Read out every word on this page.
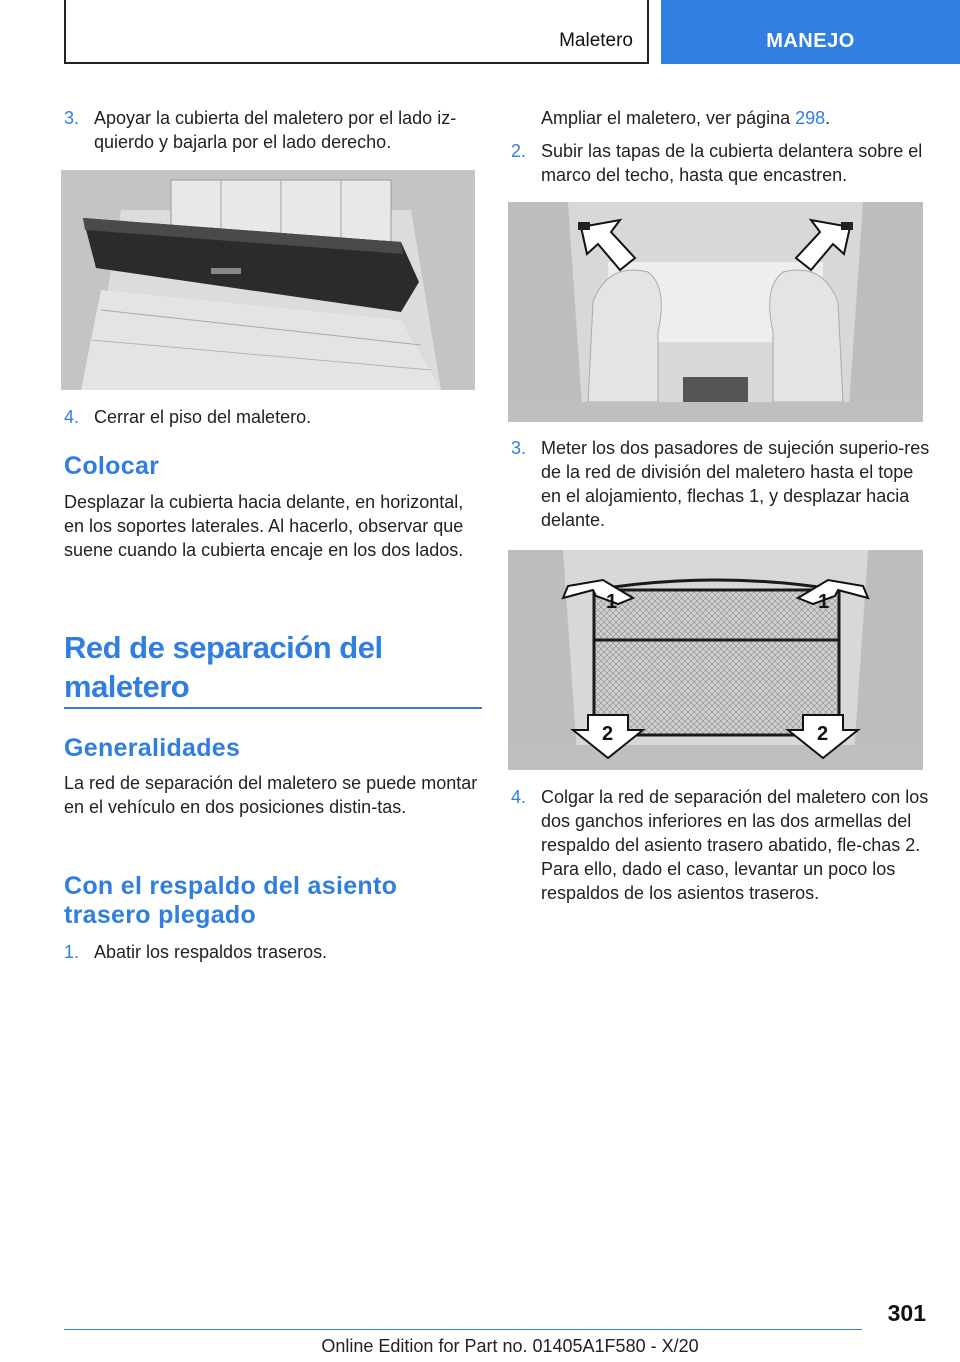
Maletero	MANEJO
3. Apoyar la cubierta del maletero por el lado iz-quierdo y bajarla por el lado derecho.
4. Cerrar el piso del maletero.
Colocar
Desplazar la cubierta hacia delante, en horizontal, en los soportes laterales. Al hacerlo, observar que suene cuando la cubierta encaje en los dos lados.
Red de separación del maletero
Generalidades
La red de separación del maletero se puede montar en el vehículo en dos posiciones distin-tas.
Con el respaldo del asiento trasero plegado
1. Abatir los respaldos traseros.
Ampliar el maletero, ver página 298.
2. Subir las tapas de la cubierta delantera sobre el marco del techo, hasta que encastren.
3. Meter los dos pasadores de sujeción superio-res de la red de división del maletero hasta el tope en el alojamiento, flechas 1, y desplazar hacia delante.
1	1
2	2
4. Colgar la red de separación del maletero con los dos ganchos inferiores en las dos armellas del respaldo del asiento trasero abatido, fle-chas 2. Para ello, dado el caso, levantar un poco los respaldos de los asientos traseros.
301
Online Edition for Part no. 01405A1F580 - X/20
